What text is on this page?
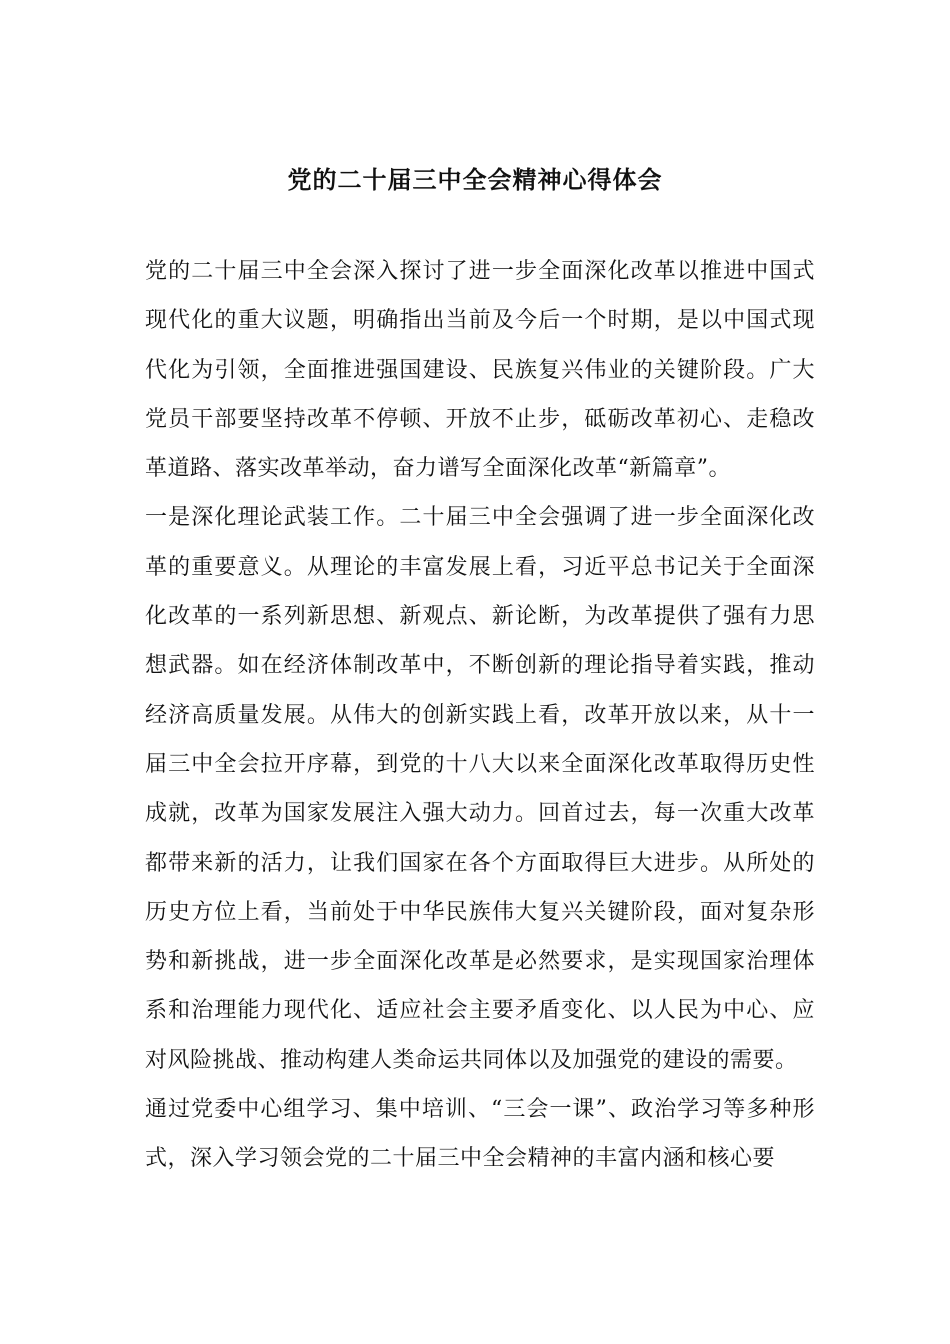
党的二十届三中全会精神心得体会

党的二十届三中全会深入探讨了进一步全面深化改革以推进中国式现代化的重大议题，明确指出当前及今后一个时期，是以中国式现代化为引领，全面推进强国建设、民族复兴伟业的关键阶段。广大党员干部要坚持改革不停顿、开放不止步，砥砺改革初心、走稳改革道路、落实改革举动，奋力谱写全面深化改革“新篇章”。

一是深化理论武装工作。二十届三中全会强调了进一步全面深化改革的重要意义。从理论的丰富发展上看，习近平总书记关于全面深化改革的一系列新思想、新观点、新论断，为改革提供了强有力思想武器。如在经济体制改革中，不断创新的理论指导着实践，推动经济高质量发展。从伟大的创新实践上看，改革开放以来，从十一届三中全会拉开序幕，到党的十八大以来全面深化改革取得历史性成就，改革为国家发展注入强大动力。回首过去，每一次重大改革都带来新的活力，让我们国家在各个方面取得巨大进步。从所处的历史方位上看，当前处于中华民族伟大复兴关键阶段，面对复杂形势和新挑战，进一步全面深化改革是必然要求，是实现国家治理体系和治理能力现代化、适应社会主要矛盾变化、以人民为中心、应对风险挑战、推动构建人类命运共同体以及加强党的建设的需要。

通过党委中心组学习、集中培训、“三会一课”、政治学习等多种形式，深入学习领会党的二十届三中全会精神的丰富内涵和核心要
